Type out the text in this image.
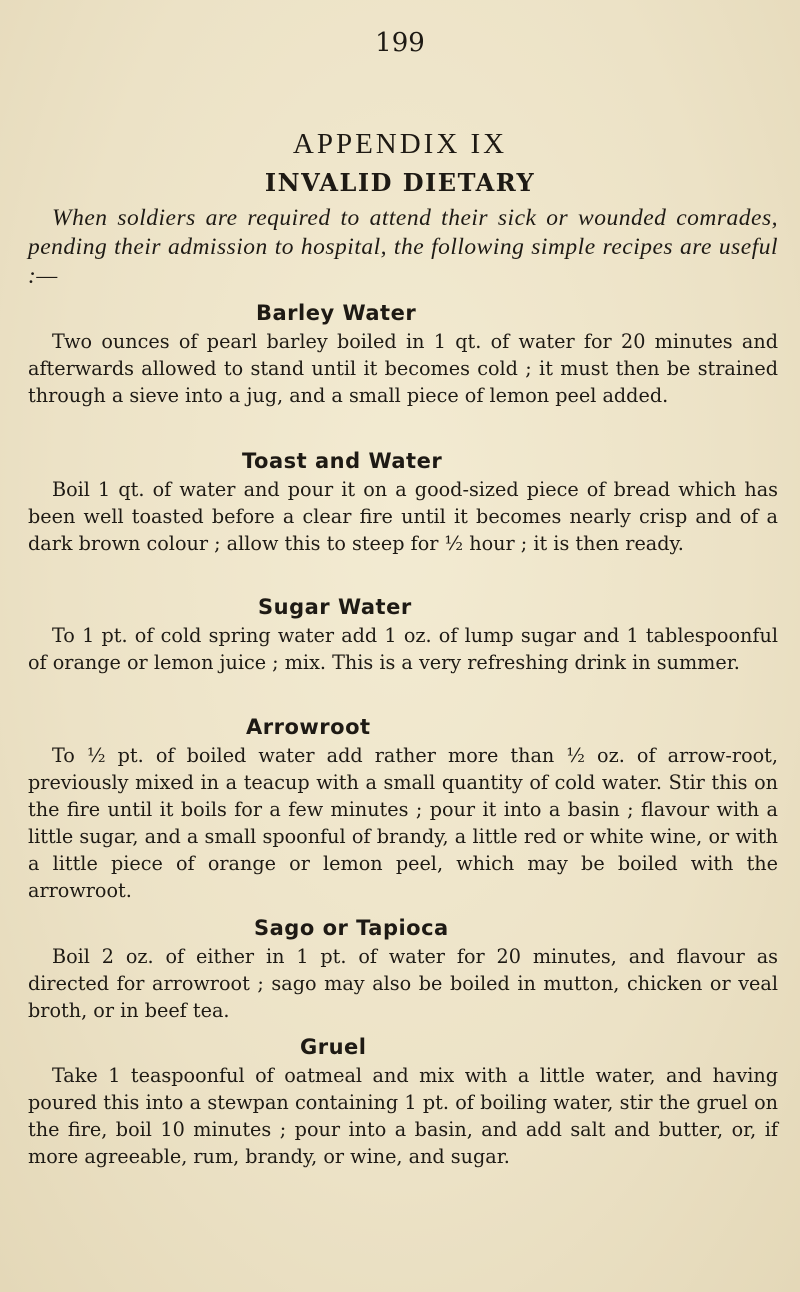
199
APPENDIX IX
INVALID DIETARY
When soldiers are required to attend their sick or wounded comrades, pending their admission to hospital, the following simple recipes are useful :—
Barley Water

Two ounces of pearl barley boiled in 1 qt. of water for 20 minutes and afterwards allowed to stand until it becomes cold ; it must then be strained through a sieve into a jug, and a small piece of lemon peel added.

Toast and Water

Boil 1 qt. of water and pour it on a good-sized piece of bread which has been well toasted before a clear fire until it becomes nearly crisp and of a dark brown colour ; allow this to steep for ½ hour ; it is then ready.

Sugar Water

To 1 pt. of cold spring water add 1 oz. of lump sugar and 1 tablespoonful of orange or lemon juice ; mix. This is a very refreshing drink in summer.

Arrowroot

To ½ pt. of boiled water add rather more than ½ oz. of arrow-root, previously mixed in a teacup with a small quantity of cold water. Stir this on the fire until it boils for a few minutes ; pour it into a basin ; flavour with a little sugar, and a small spoonful of brandy, a little red or white wine, or with a little piece of orange or lemon peel, which may be boiled with the arrowroot.

Sago or Tapioca

Boil 2 oz. of either in 1 pt. of water for 20 minutes, and flavour as directed for arrowroot ; sago may also be boiled in mutton, chicken or veal broth, or in beef tea.

Gruel

Take 1 teaspoonful of oatmeal and mix with a little water, and having poured this into a stewpan containing 1 pt. of boiling water, stir the gruel on the fire, boil 10 minutes ; pour into a basin, and add salt and butter, or, if more agreeable, rum, brandy, or wine, and sugar.
